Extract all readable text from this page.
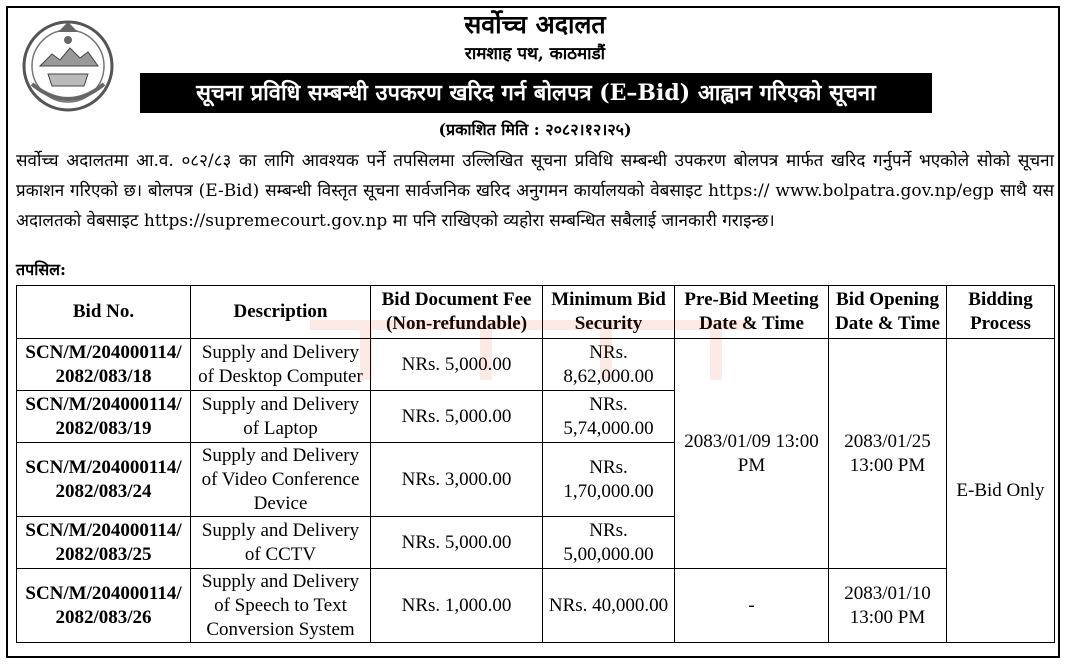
सर्वोच्च अदालत
रामशाह पथ, काठमाडौं
सूचना प्रविधि सम्बन्धी उपकरण खरिद गर्न बोलपत्र (E–Bid) आह्वान गरिएको सूचना
(प्रकाशित मिति : २०८२।१२।२५)
सर्वोच्च अदालतमा आ.व. ०८२/८३ का लागि आवश्यक पर्ने तपसिलमा उल्लिखित सूचना प्रविधि सम्बन्धी उपकरण बोलपत्र मार्फत खरिद गर्नुपर्ने भएकोले सोको सूचना प्रकाशन गरिएको छ। बोलपत्र (E-Bid) सम्बन्धी विस्तृत सूचना सार्वजनिक खरिद अनुगमन कार्यालयको वेबसाइट https:// www.bolpatra.gov.np/egp साथै यस अदालतको वेबसाइट https://supremecourt.gov.np मा पनि राखिएको व्यहोरा सम्बन्धित सबैलाई जानकारी गराइन्छ।
तपसिल:
Bid No.	Description	Bid Document Fee (Non-refundable)	Minimum Bid Security	Pre-Bid Meeting Date & Time	Bid Opening Date & Time	Bidding Process
SCN/M/204000114/ 2082/083/18	Supply and Delivery of Desktop Computer	NRs. 5,000.00	NRs. 8,62,000.00	2083/01/09 13:00 PM	2083/01/25 13:00 PM	E-Bid Only
SCN/M/204000114/ 2082/083/19	Supply and Delivery of Laptop	NRs. 5,000.00	NRs. 5,74,000.00			
SCN/M/204000114/ 2082/083/24	Supply and Delivery of Video Conference Device	NRs. 3,000.00	NRs. 1,70,000.00			
SCN/M/204000114/ 2082/083/25	Supply and Delivery of CCTV	NRs. 5,000.00	NRs. 5,00,000.00			
SCN/M/204000114/ 2082/083/26	Supply and Delivery of Speech to Text Conversion System	NRs. 1,000.00	NRs. 40,000.00	-	2083/01/10 13:00 PM	
